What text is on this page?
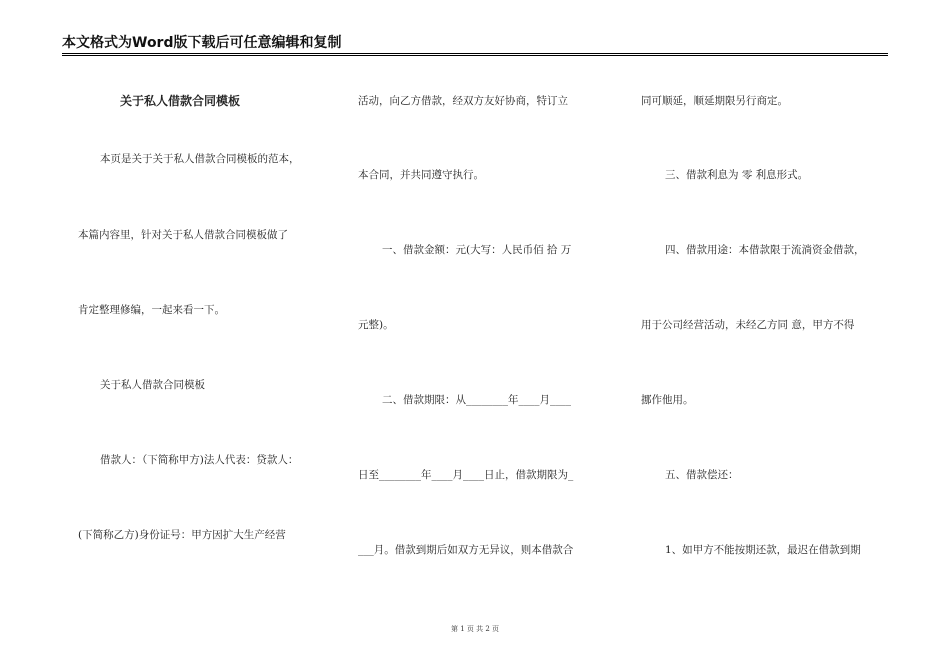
本文格式为Word版下载后可任意编辑和复制
关于私人借款合同模板
本页是关于关于私人借款合同模板的范本，
本篇内容里，针对关于私人借款合同模板做了
肯定整理修编，一起来看一下。
关于私人借款合同模板
借款人：（下简称甲方)法人代表：贷款人：
(下简称乙方)身份证号：甲方因扩大生产经营
活动，向乙方借款，经双方友好协商，特订立
本合同，并共同遵守执行。
一、借款金额：元(大写：人民币佰 拾 万
元整)。
二、借款期限：从________年____月____
日至________年____月____日止，借款期限为_
___月。借款到期后如双方无异议，则本借款合
同可顺延，顺延期限另行商定。
三、借款利息为 零 利息形式。
四、借款用途：本借款限于流淌资金借款，
用于公司经营活动，未经乙方同 意，甲方不得
挪作他用。
五、借款偿还：
1、如甲方不能按期还款，最迟在借款到期
第 1 页 共 2 页
